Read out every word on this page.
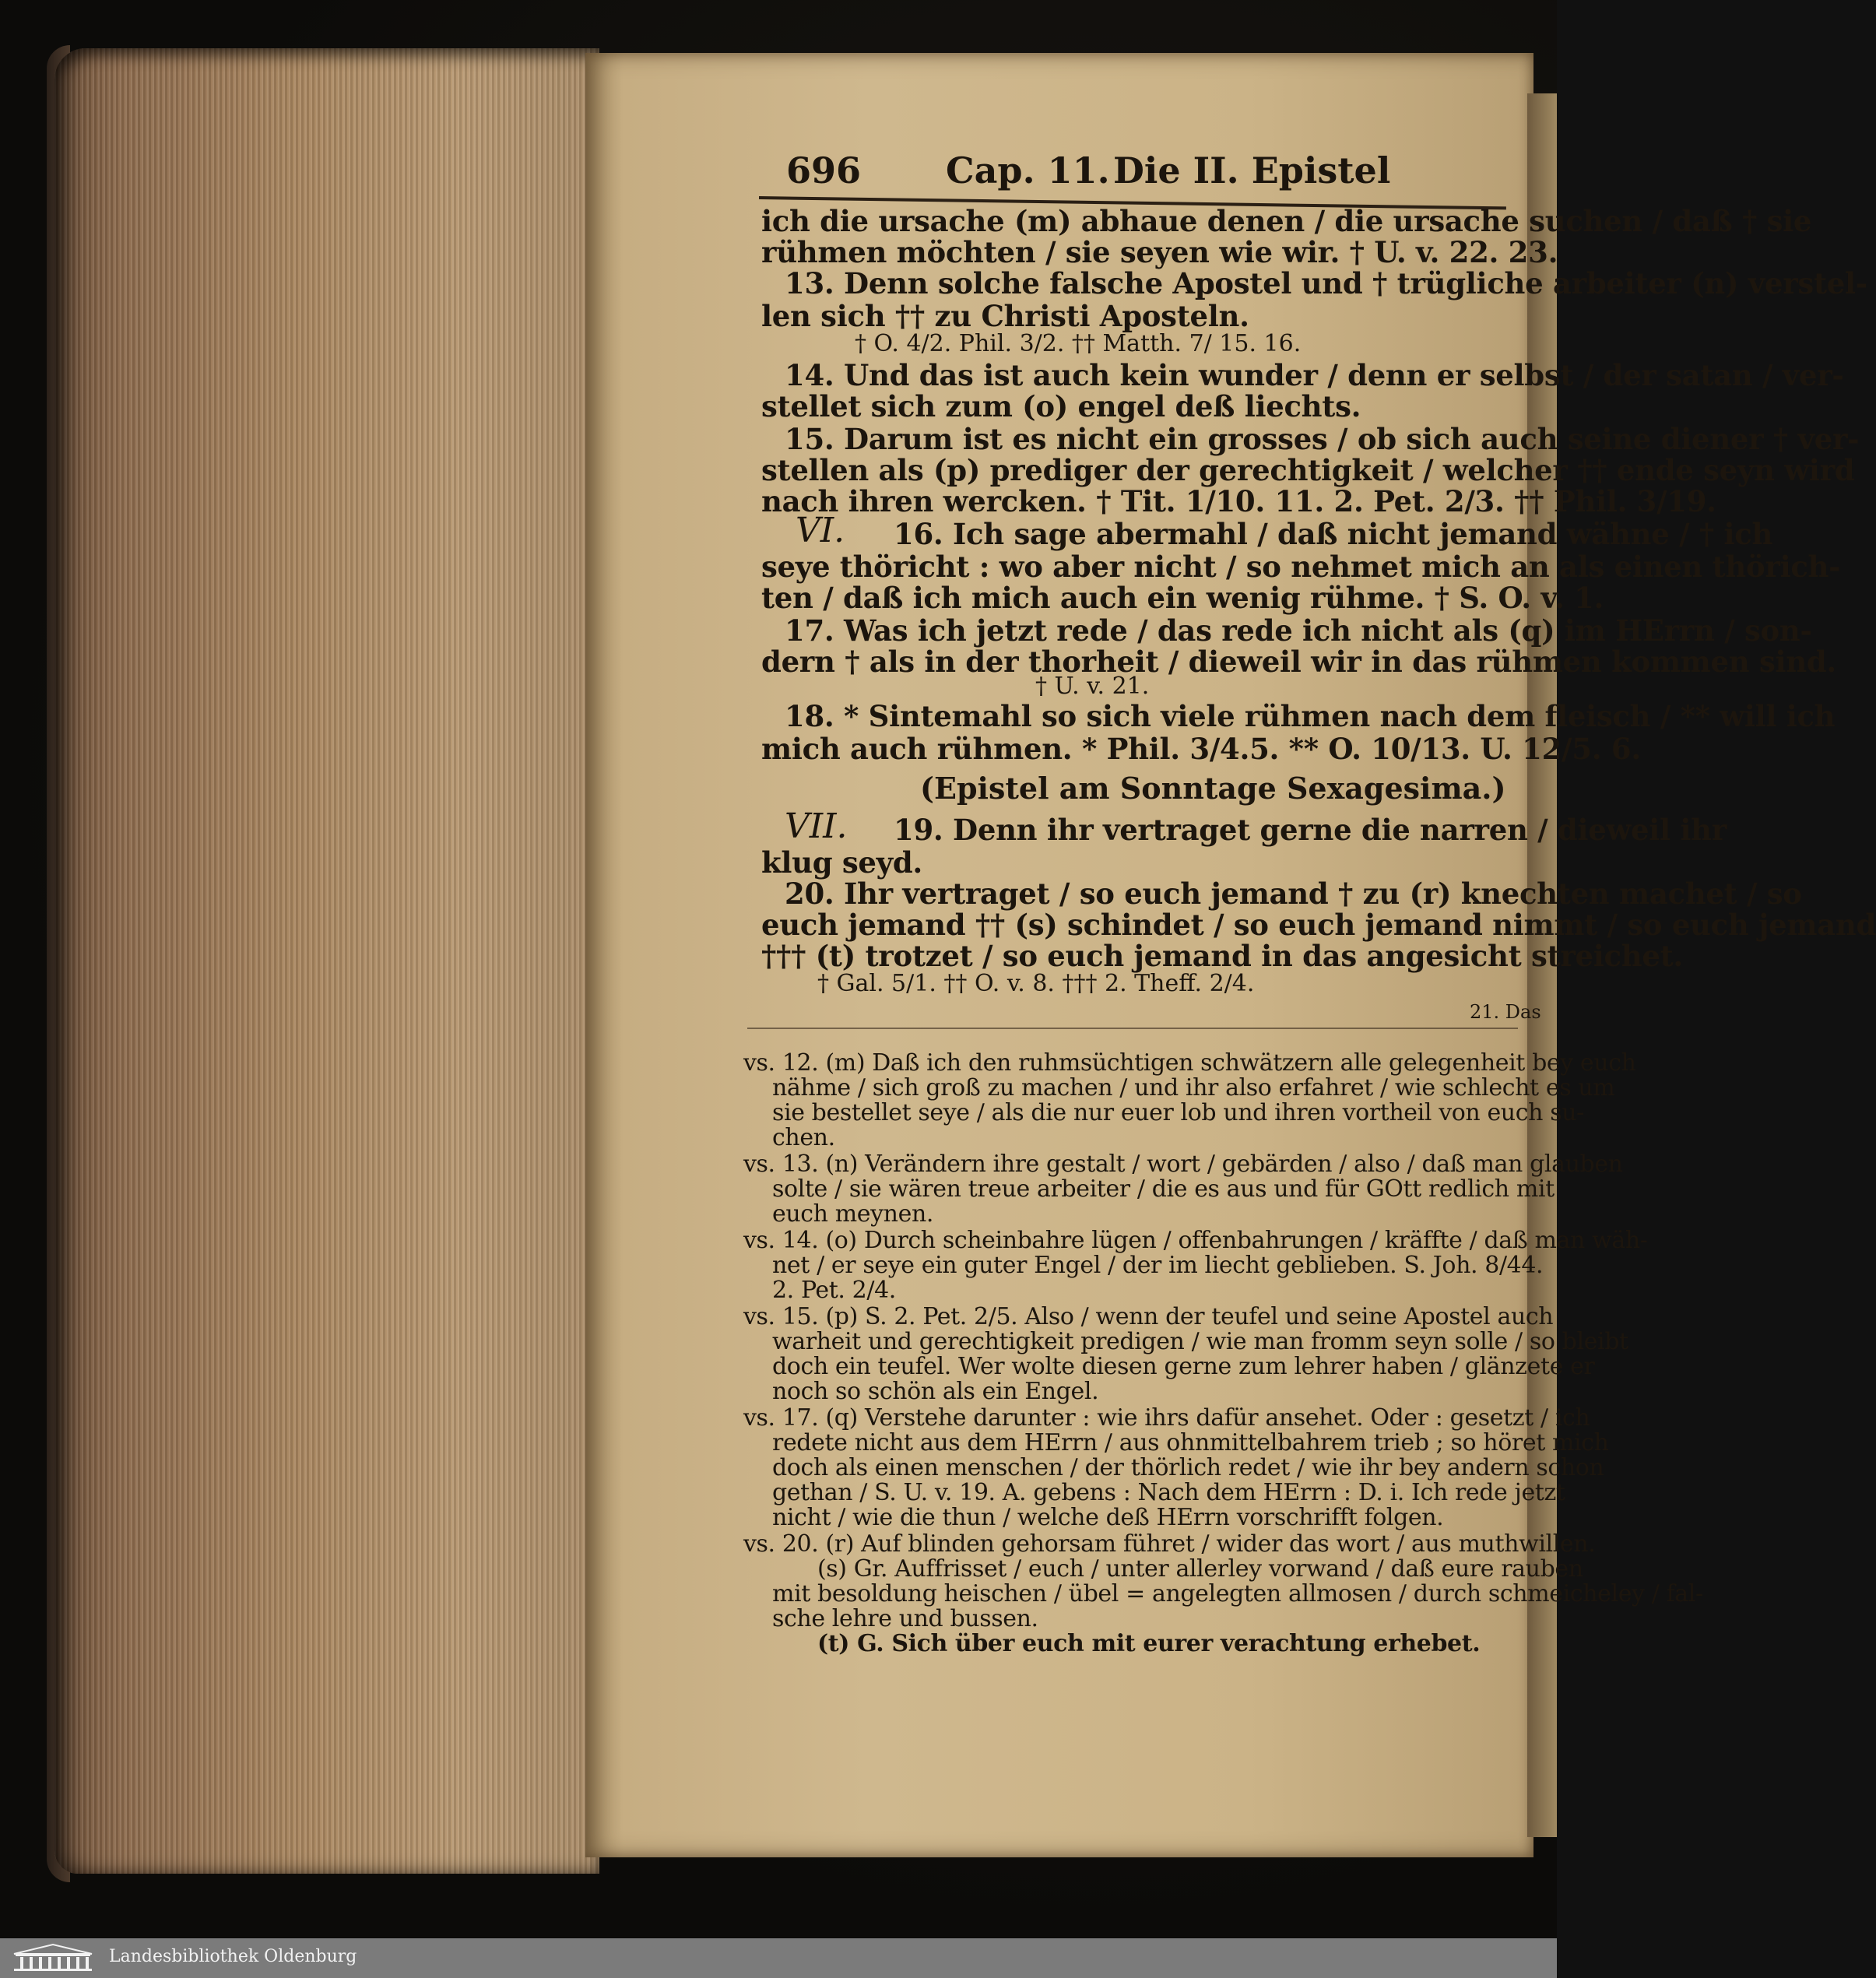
696 Cap. 11. Die II. Epistel
ich die ursache (m) abhaue denen / die ursache suchen / daß † sie
rühmen möchten / sie seyen wie wir. † U. v. 22. 23.
13. Denn solche falsche Apostel und † trügliche arbeiter (n) verstel-
len sich †† zu Christi Aposteln.
† O. 4/2. Phil. 3/2. †† Matth. 7/ 15. 16.
14. Und das ist auch kein wunder / denn er selbst / der satan / ver-
stellet sich zum (o) engel deß liechts.
15. Darum ist es nicht ein grosses / ob sich auch seine diener † ver-
stellen als (p) prediger der gerechtigkeit / welcher †† ende seyn wird
nach ihren wercken. † Tit. 1/10. 11. 2. Pet. 2/3. †† Phil. 3/19.
VI. 16. Ich sage abermahl / daß nicht jemand wähne / † ich
seye thöricht : wo aber nicht / so nehmet mich an als einen thörich-
ten / daß ich mich auch ein wenig rühme. † S. O. v. 1.
17. Was ich jetzt rede / das rede ich nicht als (q) im HErrn / son-
dern † als in der thorheit / dieweil wir in das rühmen kommen sind.
† U. v. 21.
18. * Sintemahl so sich viele rühmen nach dem fleisch / ** will ich
mich auch rühmen. * Phil. 3/4.5. ** O. 10/13. U. 12/5. 6.
(Epistel am Sonntage Sexagesima.)
VII. 19. Denn ihr vertraget gerne die narren / dieweil ihr
klug seyd.
20. Ihr vertraget / so euch jemand † zu (r) knechten machet / so
euch jemand †† (s) schindet / so euch jemand nimmt / so euch jemand
††† (t) trotzet / so euch jemand in das angesicht streichet.
† Gal. 5/1. †† O. v. 8. ††† 2. Theff. 2/4.
21. Das
vs. 12. (m) Daß ich den ruhmsüchtigen schwätzern alle gelegenheit bey euch
nähme / sich groß zu machen / und ihr also erfahret / wie schlecht es um
sie bestellet seye / als die nur euer lob und ihren vortheil von euch su-
chen.
vs. 13. (n) Verändern ihre gestalt / wort / gebärden / also / daß man glauben
solte / sie wären treue arbeiter / die es aus und für GOtt redlich mit
euch meynen.
vs. 14. (o) Durch scheinbahre lügen / offenbahrungen / kräffte / daß man wäh-
net / er seye ein guter Engel / der im liecht geblieben. S. Joh. 8/44.
2. Pet. 2/4.
vs. 15. (p) S. 2. Pet. 2/5. Also / wenn der teufel und seine Apostel auch
warheit und gerechtigkeit predigen / wie man fromm seyn solle / so bleibt
doch ein teufel. Wer wolte diesen gerne zum lehrer haben / glänzete er
noch so schön als ein Engel.
vs. 17. (q) Verstehe darunter : wie ihrs dafür ansehet. Oder : gesetzt / ich
redete nicht aus dem HErrn / aus ohnmittelbahrem trieb ; so höret mich
doch als einen menschen / der thörlich redet / wie ihr bey andern schon
gethan / S. U. v. 19. A. gebens : Nach dem HErrn : D. i. Ich rede jetzt
nicht / wie die thun / welche deß HErrn vorschrifft folgen.
vs. 20. (r) Auf blinden gehorsam führet / wider das wort / aus muthwillen.
(s) Gr. Auffrisset / euch / unter allerley vorwand / daß eure rauben
mit besoldung heischen / übel = angelegten allmosen / durch schmeicheley / fal-
sche lehre und bussen.
(t) G. Sich über euch mit eurer verachtung erhebet.
Landesbibliothek Oldenburg
